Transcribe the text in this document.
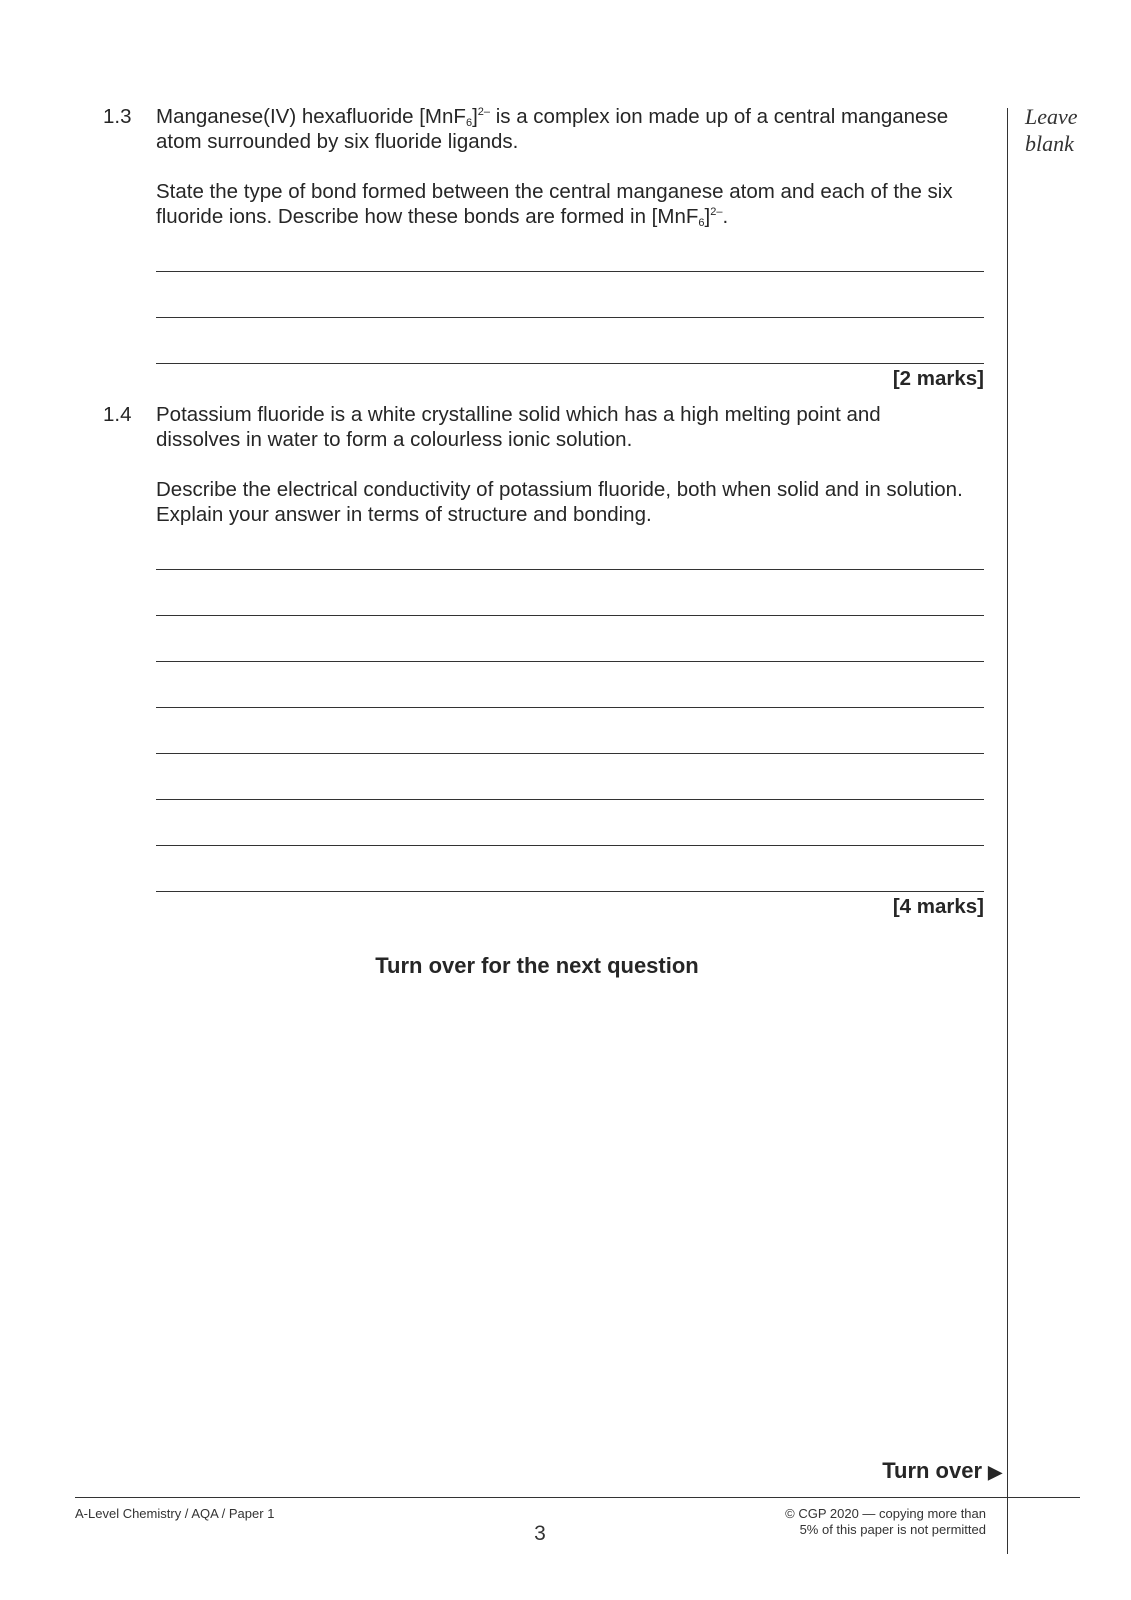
Leave
blank
1.3 Manganese(IV) hexafluoride $[MnF_6]^{2-}$ is a complex ion made up of a central manganese
atom surrounded by six fluoride ligands.
State the type of bond formed between the central manganese atom and each of the six
fluoride ions. Describe how these bonds are formed in $[MnF_6]^{2-}$.
[2 marks]
1.4 Potassium fluoride is a white crystalline solid which has a high melting point and
dissolves in water to form a colourless ionic solution.
Describe the electrical conductivity of potassium fluoride, both when solid and in solution.
Explain your answer in terms of structure and bonding.
[4 marks]
Turn over for the next question
Turn over ▶
A-Level Chemistry / AQA / Paper 1
3
© CGP 2020 — copying more than
5% of this paper is not permitted
